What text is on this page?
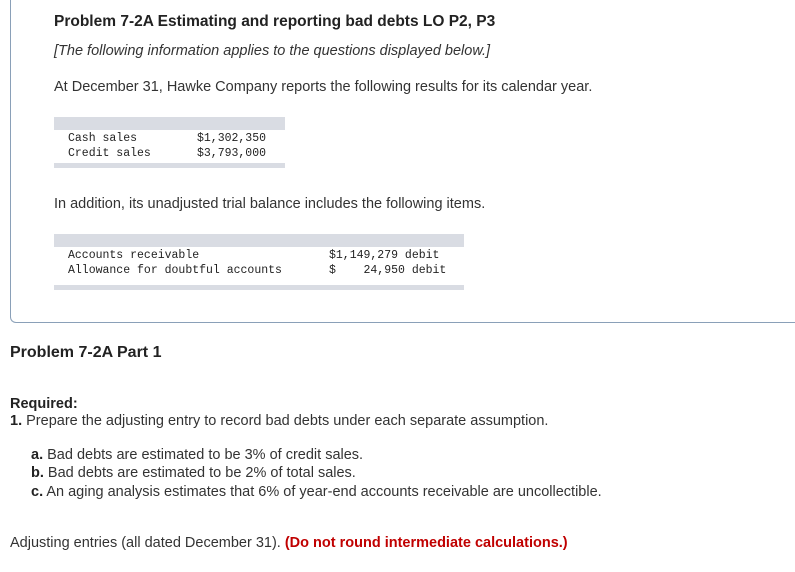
Problem 7-2A Estimating and reporting bad debts LO P2, P3
[The following information applies to the questions displayed below.]
At December 31, Hawke Company reports the following results for its calendar year.
Cash sales	$1,302,350
Credit sales	$3,793,000
In addition, its unadjusted trial balance includes the following items.
Accounts receivable	$1,149,279 debit
Allowance for doubtful accounts	$    24,950 debit
Problem 7-2A Part 1
Required:
1. Prepare the adjusting entry to record bad debts under each separate assumption.
a. Bad debts are estimated to be 3% of credit sales.
b. Bad debts are estimated to be 2% of total sales.
c. An aging analysis estimates that 6% of year-end accounts receivable are uncollectible.
Adjusting entries (all dated December 31). (Do not round intermediate calculations.)
